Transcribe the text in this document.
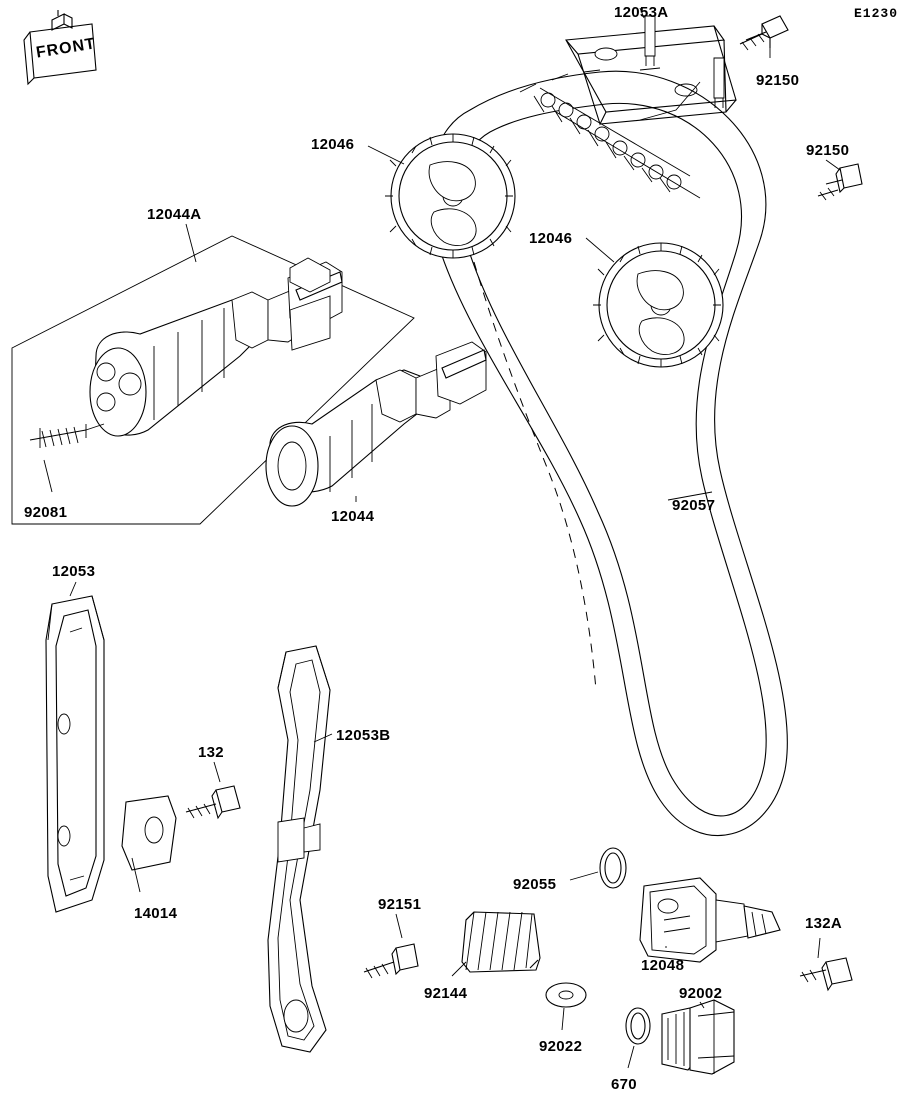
E1230
FRONT
12053A
92150
92150
12046
12046
12044A
92081	12044
92057
12053
12053B
132
14014
92151
92055
132A
12048
92144	92002
92022
670
